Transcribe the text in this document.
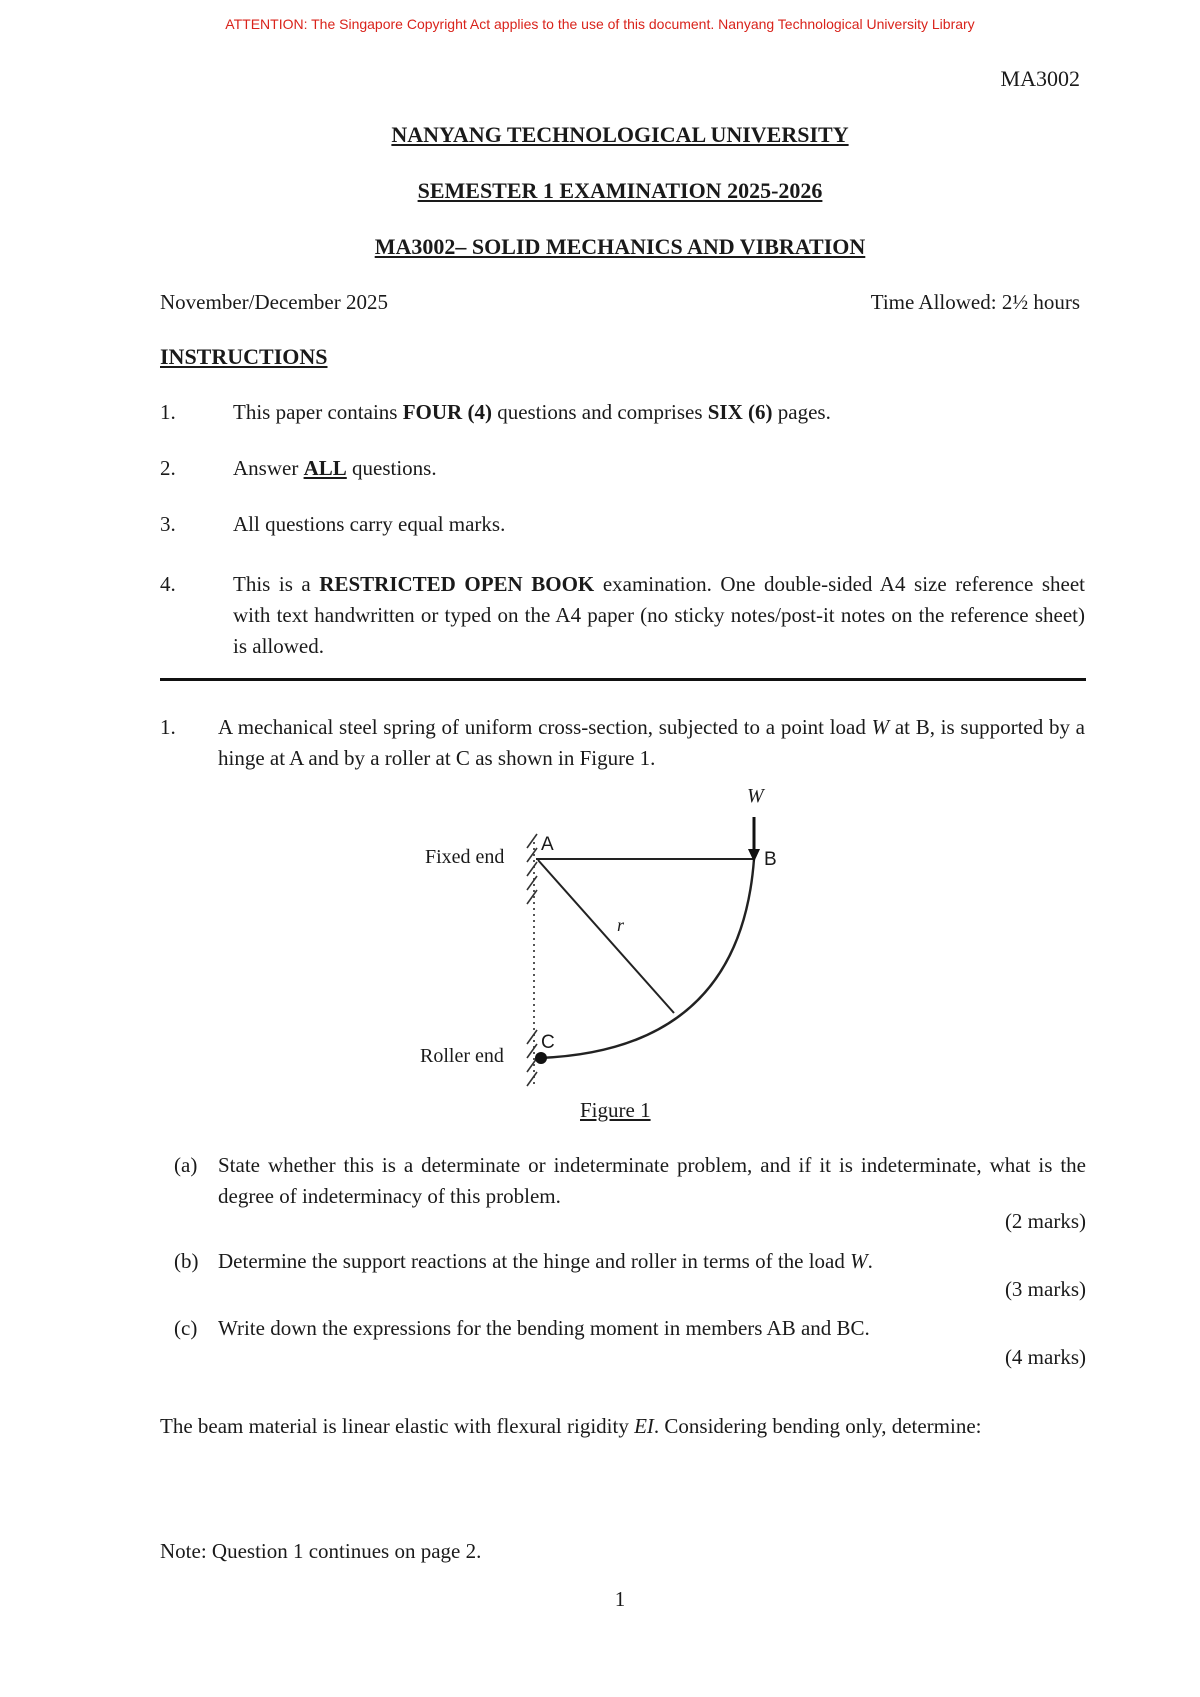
ATTENTION: The Singapore Copyright Act applies to the use of this document. Nanyang Technological University Library
MA3002
NANYANG TECHNOLOGICAL UNIVERSITY
SEMESTER 1 EXAMINATION 2025-2026
MA3002– SOLID MECHANICS AND VIBRATION
November/December 2025	Time Allowed: 2½ hours
INSTRUCTIONS
1.	This paper contains FOUR (4) questions and comprises SIX (6) pages.
2.	Answer ALL questions.
3.	All questions carry equal marks.
4.	This is a RESTRICTED OPEN BOOK examination. One double-sided A4 size reference sheet with text handwritten or typed on the A4 paper (no sticky notes/post-it notes on the reference sheet) is allowed.
1. A mechanical steel spring of uniform cross-section, subjected to a point load W at B, is supported by a hinge at A and by a roller at C as shown in Figure 1.
W
A
B
C
r
Fixed end
Roller end
Figure 1
(a) State whether this is a determinate or indeterminate problem, and if it is indeterminate, what is the degree of indeterminacy of this problem.
(2 marks)
(b) Determine the support reactions at the hinge and roller in terms of the load W.
(3 marks)
(c) Write down the expressions for the bending moment in members AB and BC.
(4 marks)
The beam material is linear elastic with flexural rigidity EI. Considering bending only, determine:
Note: Question 1 continues on page 2.
1
